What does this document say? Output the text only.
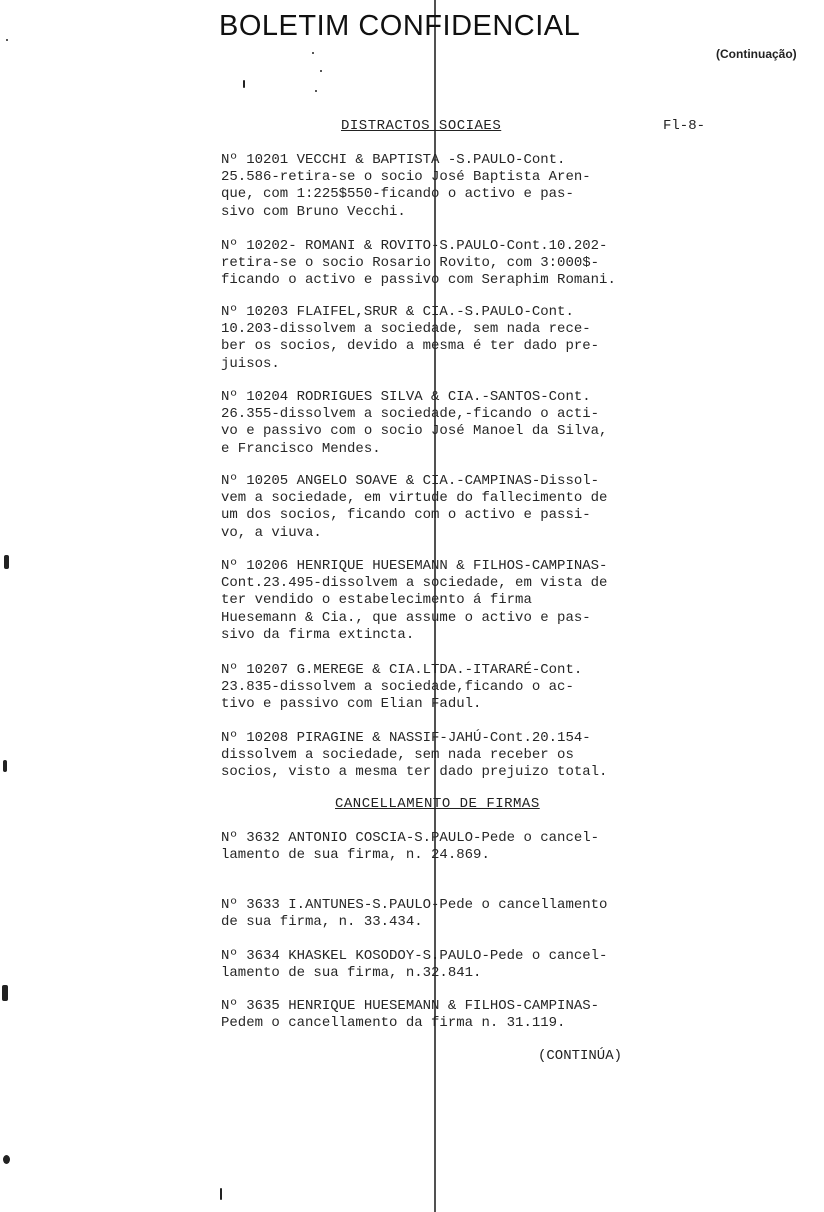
BOLETIM CONFIDENCIAL
(Continuação)
DISTRACTOS SOCIAES	Fl-8-
Nº 10201 VECCHI & BAPTISTA -S.PAULO-Cont.
25.586-retira-se o socio José Baptista Aren-
que, com 1:225$550-ficando o activo e pas-
sivo com Bruno Vecchi.
Nº 10202- ROMANI & ROVITO-S.PAULO-Cont.10.202-
retira-se o socio Rosario Rovito, com 3:000$-
ficando o activo e passivo com Seraphim Romani.
Nº 10203 FLAIFEL,SRUR & CIA.-S.PAULO-Cont.
10.203-dissolvem a sociedade, sem nada rece-
ber os socios, devido a mesma é ter dado pre-
juisos.
Nº 10204 RODRIGUES SILVA & CIA.-SANTOS-Cont.
26.355-dissolvem a sociedade,-ficando o acti-
vo e passivo com o socio José Manoel da Silva,
e Francisco Mendes.
Nº 10205 ANGELO SOAVE & CIA.-CAMPINAS-Dissol-
vem a sociedade, em virtude do fallecimento de
um dos socios, ficando com o activo e passi-
vo, a viuva.
Nº 10206 HENRIQUE HUESEMANN & FILHOS-CAMPINAS-
Cont.23.495-dissolvem a sociedade, em vista de
ter vendido o estabelecimento á firma
Huesemann & Cia., que assume o activo e pas-
sivo da firma extincta.
Nº 10207 G.MEREGE & CIA.LTDA.-ITARARÉ-Cont.
23.835-dissolvem a sociedade,ficando o ac-
tivo e passivo com Elian Fadul.
Nº 10208 PIRAGINE & NASSIF-JAHÚ-Cont.20.154-
dissolvem a sociedade, sem nada receber os
socios, visto a mesma ter dado prejuizo total.
CANCELLAMENTO DE FIRMAS
Nº 3632 ANTONIO COSCIA-S.PAULO-Pede o cancel-
lamento de sua firma, n. 24.869.
Nº 3633 I.ANTUNES-S.PAULO-Pede o cancellamento
de sua firma, n. 33.434.
Nº 3634 KHASKEL KOSODOY-S.PAULO-Pede o cancel-
lamento de sua firma, n.32.841.
Nº 3635 HENRIQUE HUESEMANN & FILHOS-CAMPINAS-
Pedem o cancellamento da firma n. 31.119.
(CONTINÚA)
